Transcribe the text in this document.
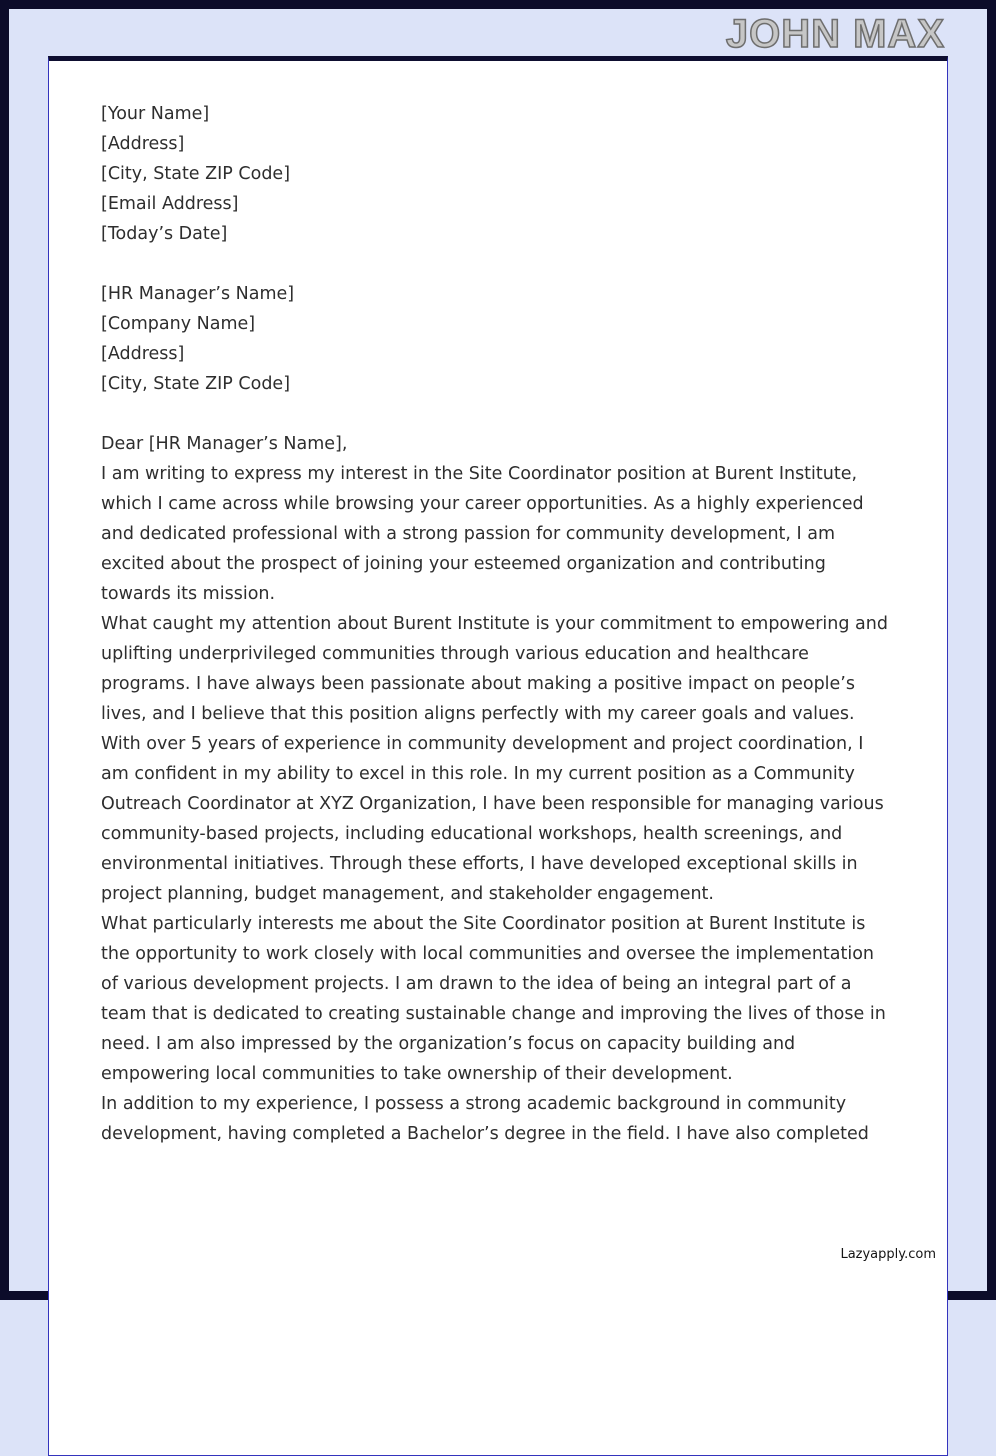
JOHN MAX

[Your Name]

[Address]

[City, State ZIP Code]

[Email Address]

[Today’s Date]

[HR Manager’s Name]

[Company Name]

[Address]

[City, State ZIP Code]

Dear [HR Manager’s Name],

I am writing to express my interest in the Site Coordinator position at Burent Institute, which I came across while browsing your career opportunities. As a highly experienced and dedicated professional with a strong passion for community development, I am excited about the prospect of joining your esteemed organization and contributing towards its mission.

What caught my attention about Burent Institute is your commitment to empowering and uplifting underprivileged communities through various education and healthcare programs. I have always been passionate about making a positive impact on people’s lives, and I believe that this position aligns perfectly with my career goals and values.

With over 5 years of experience in community development and project coordination, I am confident in my ability to excel in this role. In my current position as a Community Outreach Coordinator at XYZ Organization, I have been responsible for managing various community-based projects, including educational workshops, health screenings, and environmental initiatives. Through these efforts, I have developed exceptional skills in project planning, budget management, and stakeholder engagement.

What particularly interests me about the Site Coordinator position at Burent Institute is the opportunity to work closely with local communities and oversee the implementation of various development projects. I am drawn to the idea of being an integral part of a team that is dedicated to creating sustainable change and improving the lives of those in need. I am also impressed by the organization’s focus on capacity building and empowering local communities to take ownership of their development.

In addition to my experience, I possess a strong academic background in community development, having completed a Bachelor’s degree in the field. I have also completed

Lazyapply.com
